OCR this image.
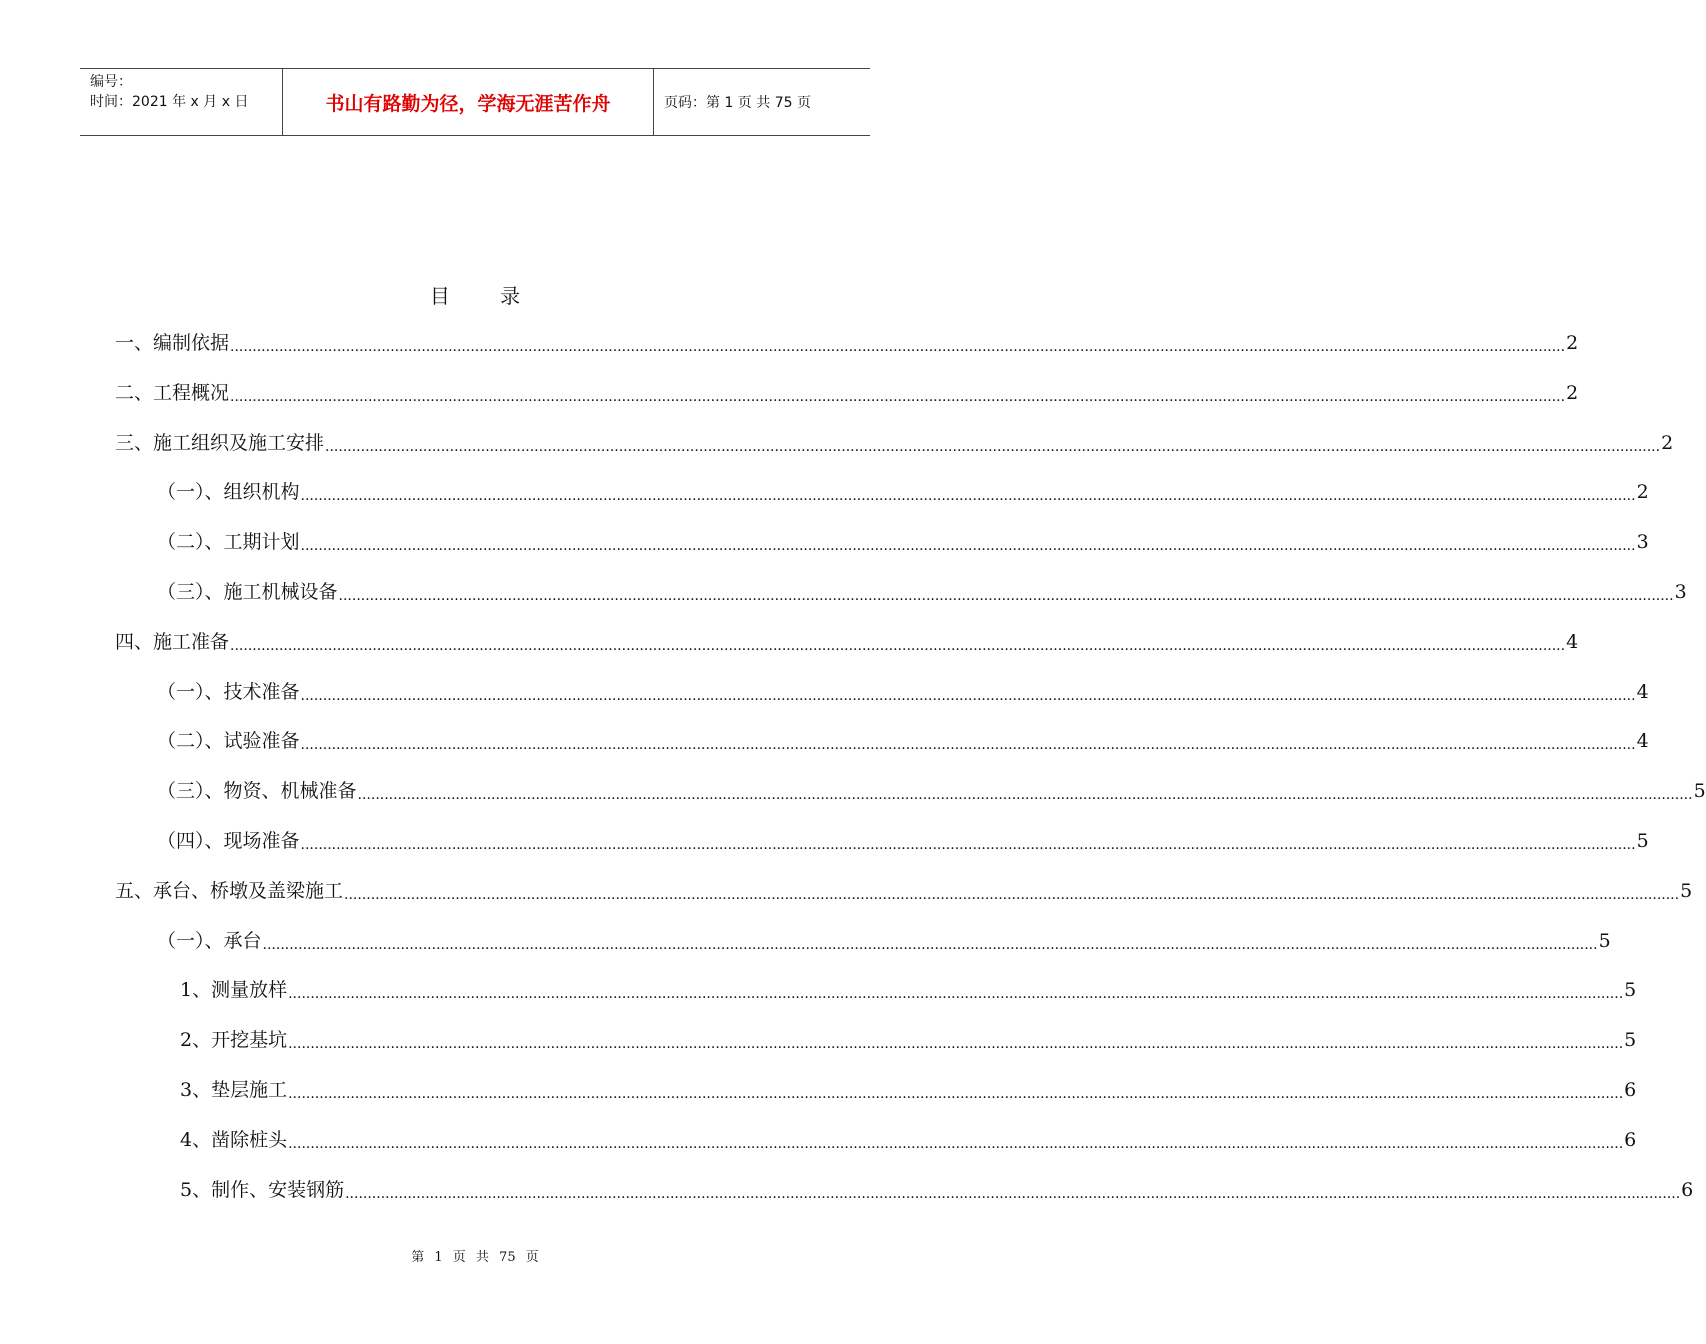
编号：
时间：2021 年 x 月 x 日	书山有路勤为径，学海无涯苦作舟	页码：第 1 页 共 75 页
目 录
一、编制依据 ............................................................................................................................................................................................................................................................................................................ 2
二、工程概况 ............................................................................................................................................................................................................................................................................................................ 2
三、施工组织及施工安排 ............................................................................................................................................................................................................................................................................................................ 2
（一）、组织机构 ............................................................................................................................................................................................................................................................................................................ 2
（二）、工期计划 ............................................................................................................................................................................................................................................................................................................ 3
（三）、施工机械设备 ............................................................................................................................................................................................................................................................................................................ 3
四、施工准备 ............................................................................................................................................................................................................................................................................................................ 4
（一）、技术准备 ............................................................................................................................................................................................................................................................................................................ 4
（二）、试验准备 ............................................................................................................................................................................................................................................................................................................ 4
（三）、物资、机械准备 ............................................................................................................................................................................................................................................................................................................ 5
（四）、现场准备 ............................................................................................................................................................................................................................................................................................................ 5
五、承台、桥墩及盖梁施工 ............................................................................................................................................................................................................................................................................................................ 5
（一）、承台 ............................................................................................................................................................................................................................................................................................................ 5
1、测量放样 ............................................................................................................................................................................................................................................................................................................ 5
2、开挖基坑 ............................................................................................................................................................................................................................................................................................................ 5
3、垫层施工 ............................................................................................................................................................................................................................................................................................................ 6
4、凿除桩头 ............................................................................................................................................................................................................................................................................................................ 6
5、制作、安装钢筋 ............................................................................................................................................................................................................................................................................................................ 6
第 1 页 共 75 页
